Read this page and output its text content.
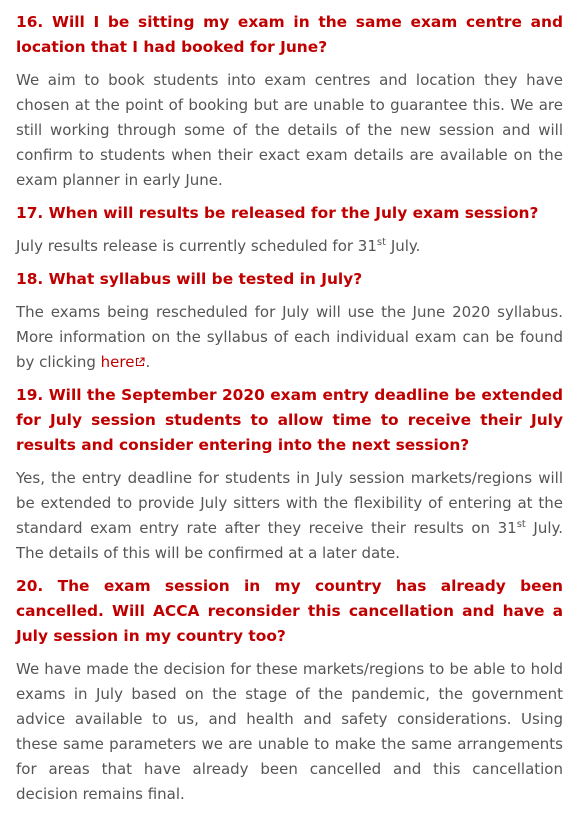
16. Will I be sitting my exam in the same exam centre and location that I had booked for June?

We aim to book students into exam centres and location they have chosen at the point of booking but are unable to guarantee this. We are still working through some of the details of the new session and will confirm to students when their exact exam details are available on the exam planner in early June.

17. When will results be released for the July exam session?

July results release is currently scheduled for 31st July.

18. What syllabus will be tested in July?

The exams being rescheduled for July will use the June 2020 syllabus. More information on the syllabus of each individual exam can be found by clicking here .

19. Will the September 2020 exam entry deadline be extended for July session students to allow time to receive their July results and consider entering into the next session?

Yes, the entry deadline for students in July session markets/regions will be extended to provide July sitters with the flexibility of entering at the standard exam entry rate after they receive their results on 31st July. The details of this will be confirmed at a later date.

20. The exam session in my country has already been cancelled. Will ACCA reconsider this cancellation and have a July session in my country too?

We have made the decision for these markets/regions to be able to hold exams in July based on the stage of the pandemic, the government advice available to us, and health and safety considerations. Using these same parameters we are unable to make the same arrangements for areas that have already been cancelled and this cancellation decision remains final.
